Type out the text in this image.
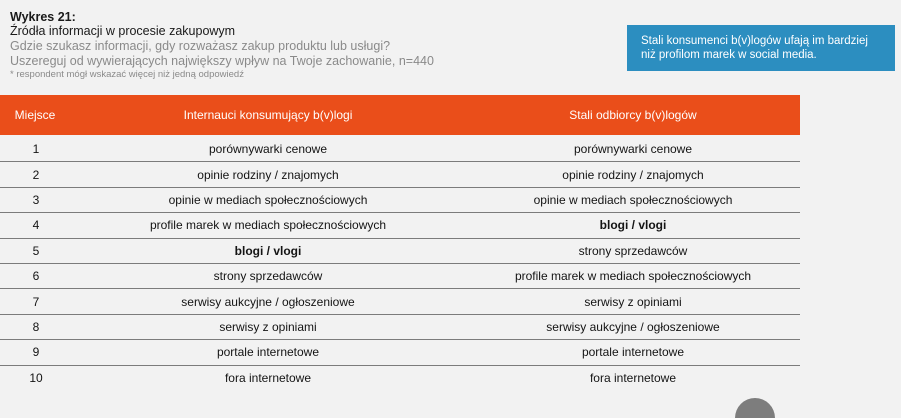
Wykres 21:
Źródła informacji w procesie zakupowym
Gdzie szukasz informacji, gdy rozważasz zakup produktu lub usługi?
Uszereguj od wywierających największy wpływ na Twoje zachowanie, n=440
* respondent mógł wskazać więcej niż jedną odpowiedź
Stali konsumenci b(v)logów ufają im bardziej
niż profilom marek w social media.
Miejsce	Internauci konsumujący b(v)logi	Stali odbiorcy b(v)logów
1	porównywarki cenowe	porównywarki cenowe
2	opinie rodziny / znajomych	opinie rodziny / znajomych
3	opinie w mediach społecznościowych	opinie w mediach społecznościowych
4	profile marek w mediach społecznościowych	blogi / vlogi
5	blogi / vlogi	strony sprzedawców
6	strony sprzedawców	profile marek w mediach społecznościowych
7	serwisy aukcyjne / ogłoszeniowe	serwisy z opiniami
8	serwisy z opiniami	serwisy aukcyjne / ogłoszeniowe
9	portale internetowe	portale internetowe
10	fora internetowe	fora internetowe
